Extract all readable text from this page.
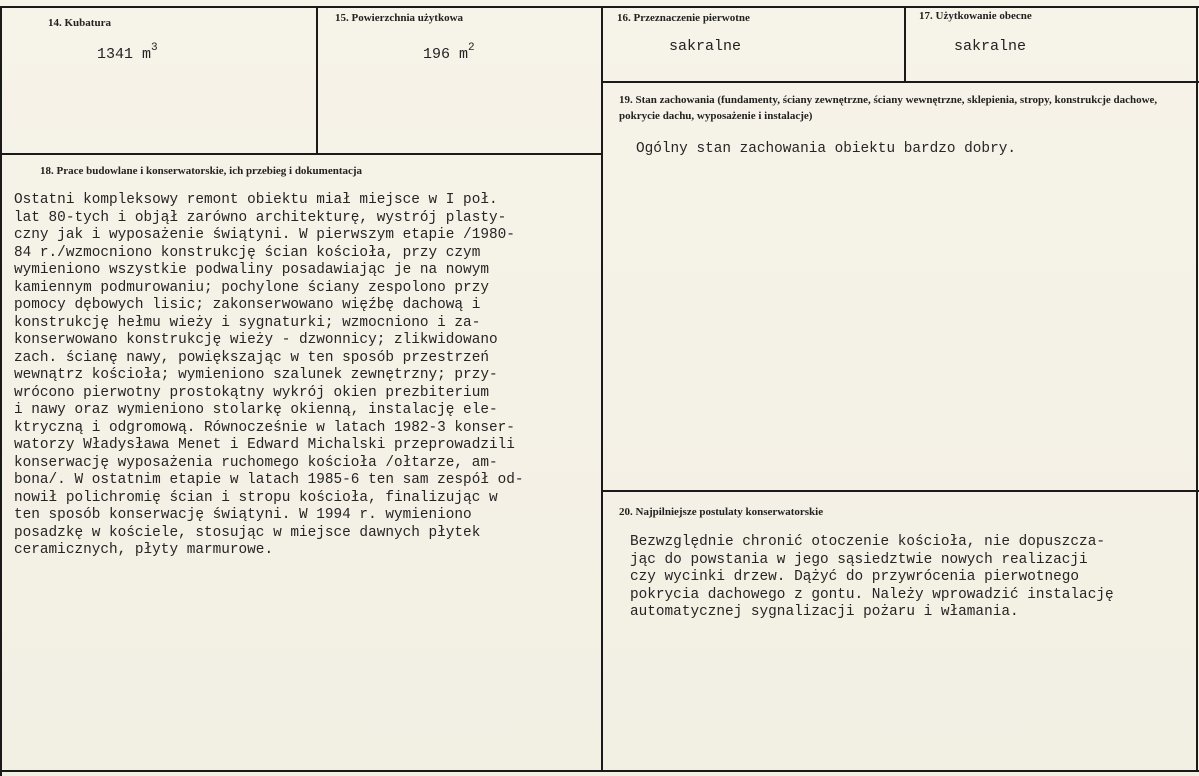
14. Kubatura
1341 $m^3$
15. Powierzchnia użytkowa
196 $m^2$
16. Przeznaczenie pierwotne
sakralne
17. Użytkowanie obecne
sakralne
19. Stan zachowania (fundamenty, ściany zewnętrzne, ściany wewnętrzne, sklepienia, stropy, konstrukcje dachowe, pokrycie dachu, wyposażenie i instalacje)
Ogólny stan zachowania obiektu bardzo dobry.
18. Prace budowlane i konserwatorskie, ich przebieg i dokumentacja
Ostatni kompleksowy remont obiektu miał miejsce w I poł.
lat 80-tych i objął zarówno architekturę, wystrój plasty-
czny jak i wyposażenie świątyni. W pierwszym etapie /1980-
84 r./wzmocniono konstrukcję ścian kościoła, przy czym
wymieniono wszystkie podwaliny posadawiając je na nowym
kamiennym podmurowaniu; pochylone ściany zespolono przy
pomocy dębowych lisic; zakonserwowano więźbę dachową i
konstrukcję hełmu wieży i sygnaturki; wzmocniono i za-
konserwowano konstrukcję wieży - dzwonnicy; zlikwidowano
zach. ścianę nawy, powiększając w ten sposób przestrzeń
wewnątrz kościoła; wymieniono szalunek zewnętrzny; przy-
wrócono pierwotny prostokątny wykrój okien prezbiterium
i nawy oraz wymieniono stolarkę okienną, instalację ele-
ktryczną i odgromową. Równocześnie w latach 1982-3 konser-
watorzy Władysława Menet i Edward Michalski przeprowadzili
konserwację wyposażenia ruchomego kościoła /ołtarze, am-
bona/. W ostatnim etapie w latach 1985-6 ten sam zespół od-
nowił polichromię ścian i stropu kościoła, finalizując w
ten sposób konserwację świątyni. W 1994 r. wymieniono
posadzkę w kościele, stosując w miejsce dawnych płytek
ceramicznych, płyty marmurowe.
20. Najpilniejsze postulaty konserwatorskie
Bezwzględnie chronić otoczenie kościoła, nie dopuszcza-
jąc do powstania w jego sąsiedztwie nowych realizacji
czy wycinki drzew. Dążyć do przywrócenia pierwotnego
pokrycia dachowego z gontu. Należy wprowadzić instalację
automatycznej sygnalizacji pożaru i włamania.
